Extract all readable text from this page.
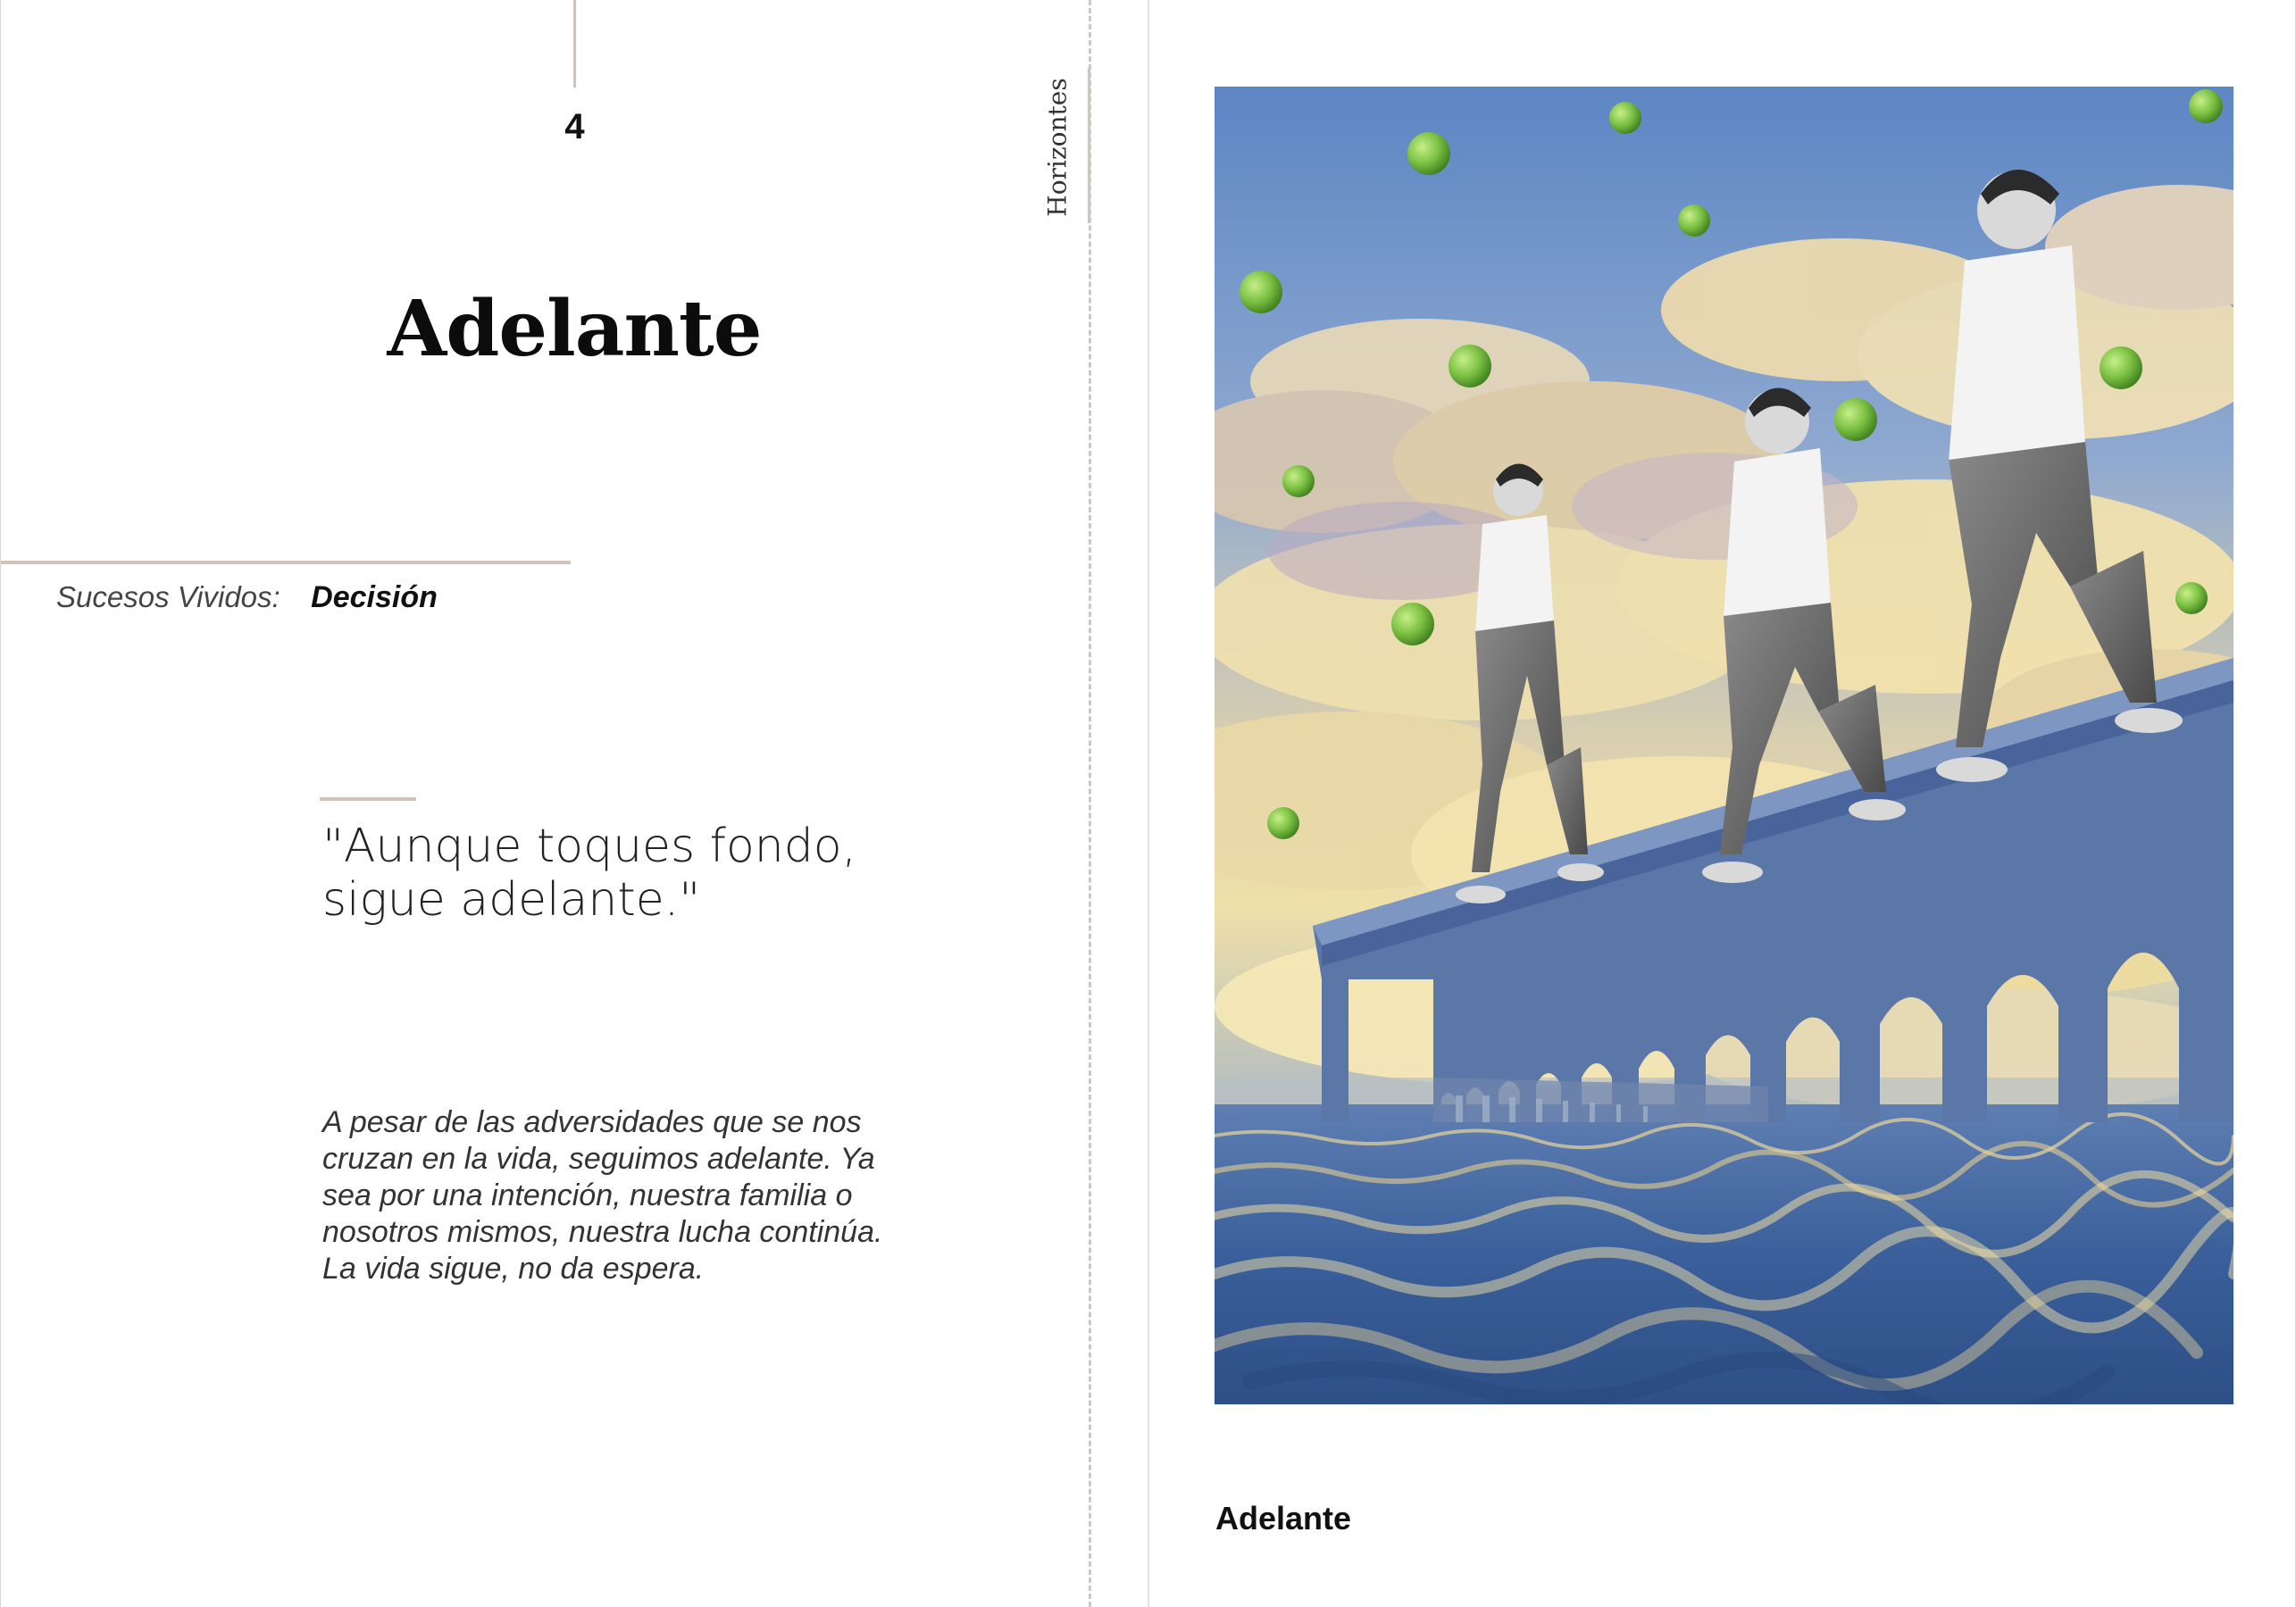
4
Adelante
Sucesos Vividos: Decisión
"Aunque toques fondo,
sigue adelante."
A pesar de las adversidades que se nos
cruzan en la vida, seguimos adelante. Ya
sea por una intención, nuestra familia o
nosotros mismos, nuestra lucha continúa.
La vida sigue, no da espera.
Horizontes
Adelante
